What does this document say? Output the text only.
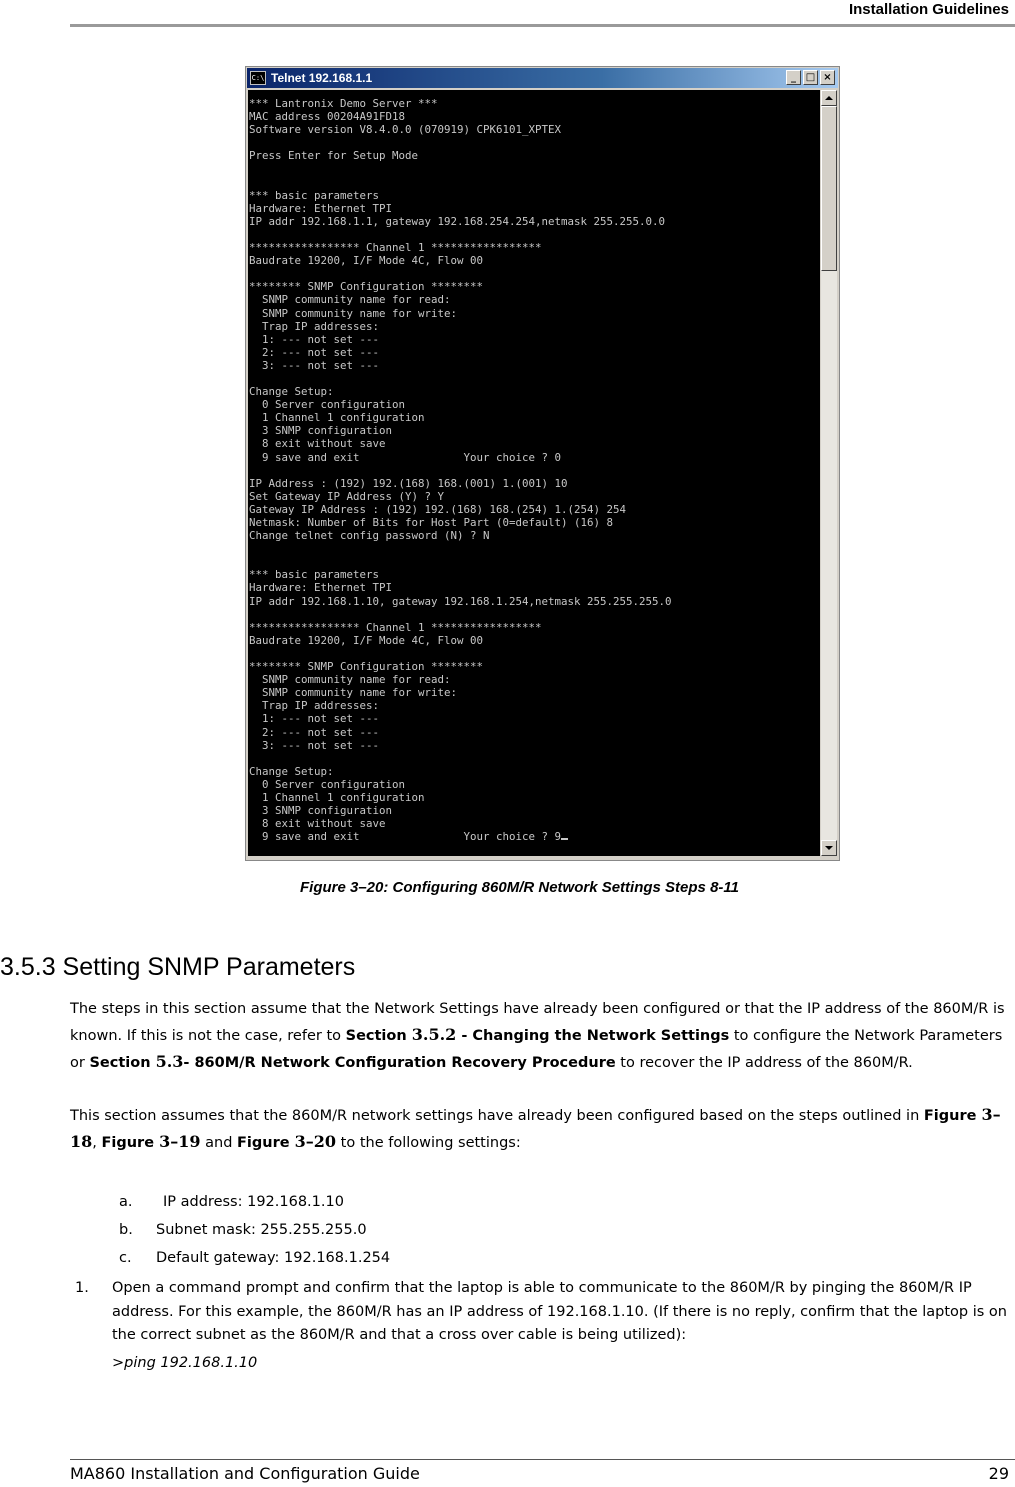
Installation Guidelines
C:\ Telnet 192.168.1.1	_ □ ×
*** Lantronix Demo Server ***
MAC address 00204A91FD18
Software version V8.4.0.0 (070919) CPK6101_XPTEX

Press Enter for Setup Mode

*** basic parameters
Hardware: Ethernet TPI
IP addr 192.168.1.1, gateway 192.168.254.254,netmask 255.255.0.0

***************** Channel 1 *****************
Baudrate 19200, I/F Mode 4C, Flow 00

******** SNMP Configuration ********
SNMP community name for read:
SNMP community name for write:
Trap IP addresses:
1: --- not set ---
2: --- not set ---
3: --- not set ---

Change Setup:
0 Server configuration
1 Channel 1 configuration
3 SNMP configuration
8 exit without save
9 save and exit                Your choice ? 0

IP Address : (192) 192.(168) 168.(001) 1.(001) 10
Set Gateway IP Address (Y) ? Y
Gateway IP Address : (192) 192.(168) 168.(254) 1.(254) 254
Netmask: Number of Bits for Host Part (0=default) (16) 8
Change telnet config password (N) ? N

*** basic parameters
Hardware: Ethernet TPI
IP addr 192.168.1.10, gateway 192.168.1.254,netmask 255.255.255.0

***************** Channel 1 *****************
Baudrate 19200, I/F Mode 4C, Flow 00

******** SNMP Configuration ********
SNMP community name for read:
SNMP community name for write:
Trap IP addresses:
1: --- not set ---
2: --- not set ---
3: --- not set ---

Change Setup:
0 Server configuration
1 Channel 1 configuration
3 SNMP configuration
8 exit without save
9 save and exit                Your choice ? 9
Figure 3–20: Configuring 860M/R Network Settings Steps 8-11
3.5.3 Setting SNMP Parameters
The steps in this section assume that the Network Settings have already been configured or that the IP address of the 860M/R is known. If this is not the case, refer to Section 3.5.2 - Changing the Network Settings to configure the Network Parameters or Section 5.3- 860M/R Network Configuration Recovery Procedure to recover the IP address of the 860M/R.
This section assumes that the 860M/R network settings have already been configured based on the steps outlined in Figure 3–18, Figure 3–19 and Figure 3–20 to the following settings:
a.	IP address: 192.168.1.10
b.	Subnet mask: 255.255.255.0
c.	Default gateway: 192.168.1.254
1.	Open a command prompt and confirm that the laptop is able to communicate to the 860M/R by pinging the 860M/R IP address. For this example, the 860M/R has an IP address of 192.168.1.10. (If there is no reply, confirm that the laptop is on the correct subnet as the 860M/R and that a cross over cable is being utilized):
>ping 192.168.1.10
MA860 Installation and Configuration Guide	29
